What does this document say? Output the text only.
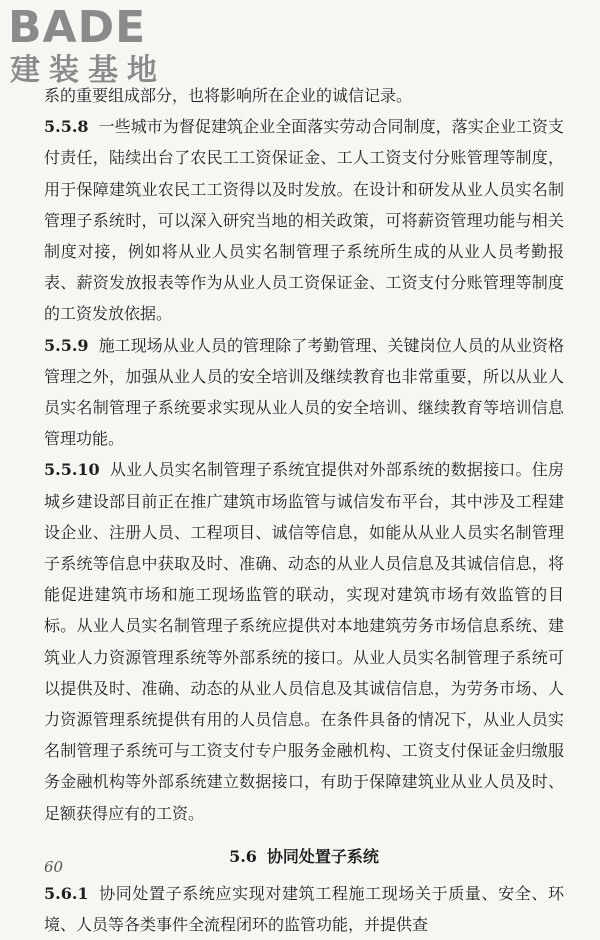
BADE
建装基地

系的重要组成部分，也将影响所在企业的诚信记录。

5.5.8 一些城市为督促建筑企业全面落实劳动合同制度，落实企业工资支付责任，陆续出台了农民工工资保证金、工人工资支付分账管理等制度，用于保障建筑业农民工工资得以及时发放。在设计和研发从业人员实名制管理子系统时，可以深入研究当地的相关政策，可将薪资管理功能与相关制度对接，例如将从业人员实名制管理子系统所生成的从业人员考勤报表、薪资发放报表等作为从业人员工资保证金、工资支付分账管理等制度的工资发放依据。

5.5.9 施工现场从业人员的管理除了考勤管理、关键岗位人员的从业资格管理之外，加强从业人员的安全培训及继续教育也非常重要，所以从业人员实名制管理子系统要求实现从业人员的安全培训、继续教育等培训信息管理功能。

5.5.10 从业人员实名制管理子系统宜提供对外部系统的数据接口。住房城乡建设部目前正在推广建筑市场监管与诚信发布平台，其中涉及工程建设企业、注册人员、工程项目、诚信等信息，如能从从业人员实名制管理子系统等信息中获取及时、准确、动态的从业人员信息及其诚信信息，将能促进建筑市场和施工现场监管的联动，实现对建筑市场有效监管的目标。从业人员实名制管理子系统应提供对本地建筑劳务市场信息系统、建筑业人力资源管理系统等外部系统的接口。从业人员实名制管理子系统可以提供及时、准确、动态的从业人员信息及其诚信信息，为劳务市场、人力资源管理系统提供有用的人员信息。在条件具备的情况下，从业人员实名制管理子系统可与工资支付专户服务金融机构、工资支付保证金归缴服务金融机构等外部系统建立数据接口，有助于保障建筑业从业人员及时、足额获得应有的工资。

5.6 协同处置子系统

5.6.1 协同处置子系统应实现对建筑工程施工现场关于质量、安全、环境、人员等各类事件全流程闭环的监管功能，并提供查

60
